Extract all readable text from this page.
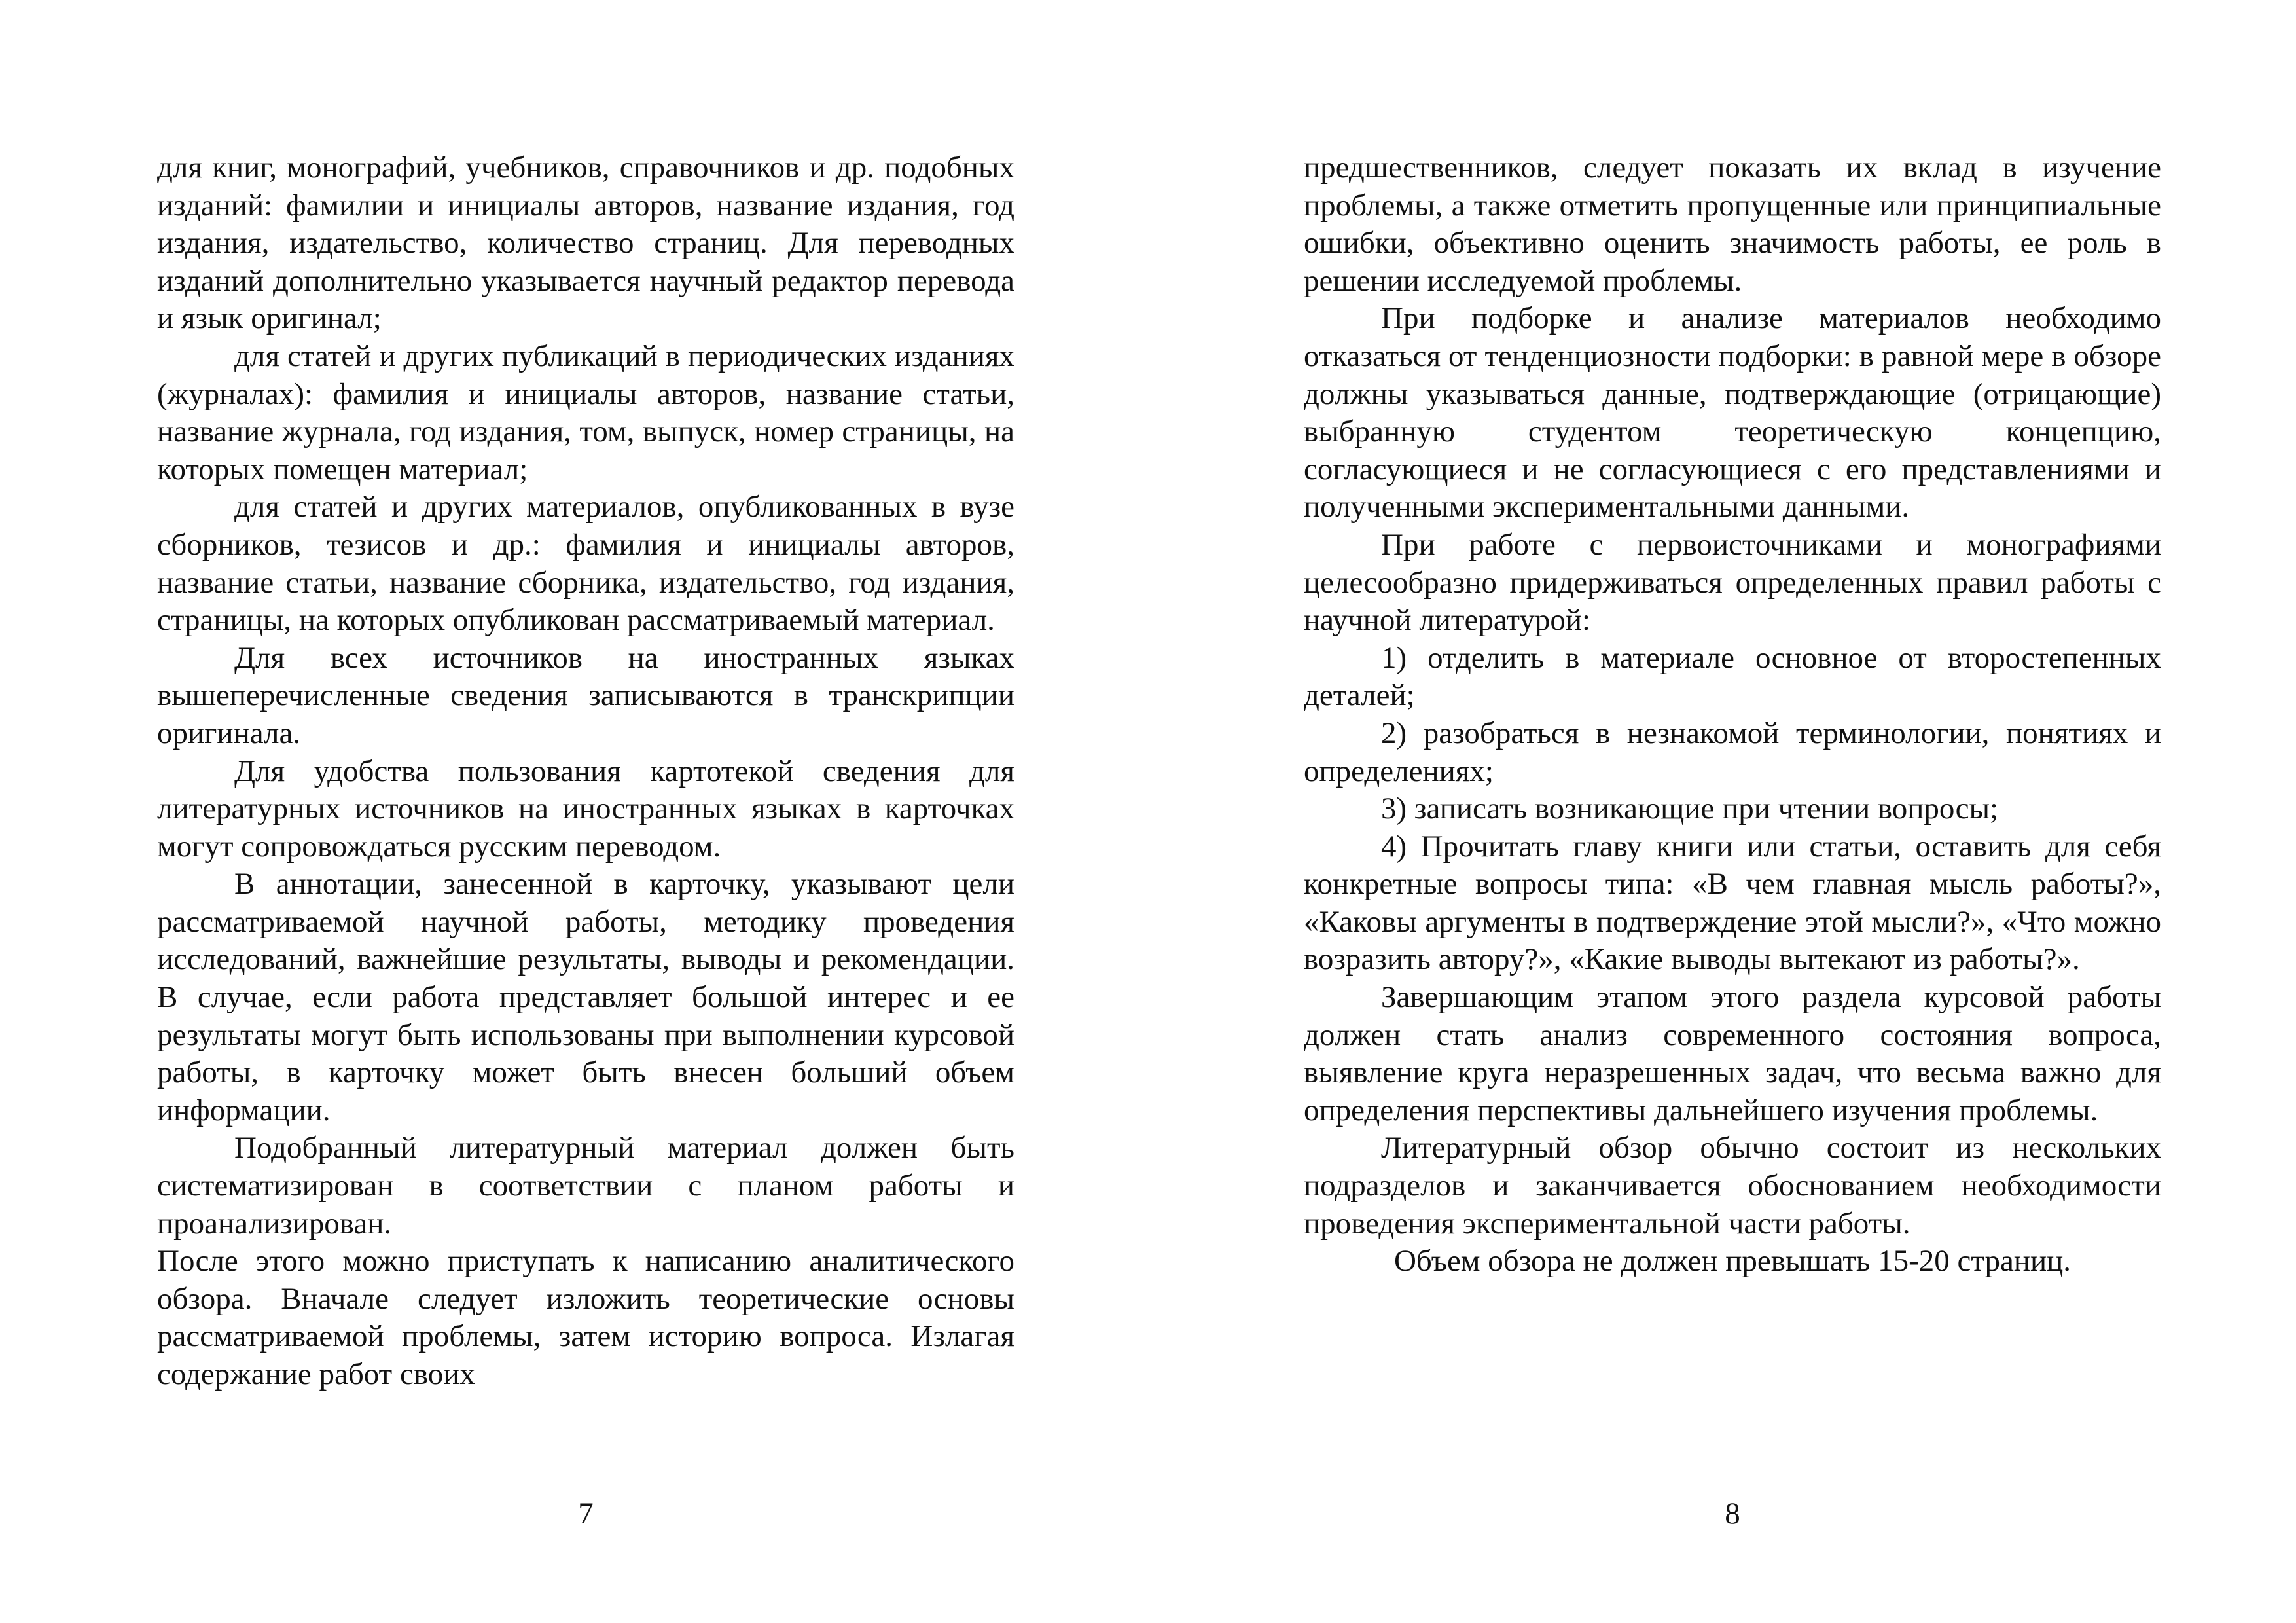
для книг, монографий, учебников, справочников и др. подобных изданий: фамилии и инициалы авторов, название издания, год издания, издательство, количество страниц. Для переводных изданий дополнительно указывается научный редактор перевода и язык оригинал;

для статей и других публикаций в периодических изданиях (журналах): фамилия и инициалы авторов, название статьи, название журнала, год издания, том, выпуск, номер страницы, на которых помещен материал;

для статей и других материалов, опубликованных в вузе сборников, тезисов и др.: фамилия и инициалы авторов, название статьи, название сборника, издательство, год издания, страницы, на которых опубликован рассматриваемый материал.

Для всех источников на иностранных языках вышеперечисленные сведения записываются в транскрипции оригинала.

Для удобства пользования картотекой сведения для литературных источников на иностранных языках в карточках могут сопровождаться русским переводом.

В аннотации, занесенной в карточку, указывают цели рассматриваемой научной работы, методику проведения исследований, важнейшие результаты, выводы и рекомендации. В случае, если работа представляет большой интерес и ее результаты могут быть использованы при выполнении курсовой работы, в карточку может быть внесен больший объем информации.

Подобранный литературный материал должен быть систематизирован в соответствии с планом работы и проанализирован.

После этого можно приступать к написанию аналитического обзора. Вначале следует изложить теоретические основы рассматриваемой проблемы, затем историю вопроса. Излагая содержание работ своих

7

предшественников, следует показать их вклад в изучение проблемы, а также отметить пропущенные или принципиальные ошибки, объективно оценить значимость работы, ее роль в решении исследуемой проблемы.

При подборке и анализе материалов необходимо отказаться от тенденциозности подборки: в равной мере в обзоре должны указываться данные, подтверждающие (отрицающие) выбранную студентом теоретическую концепцию, согласующиеся и не согласующиеся с его представлениями и полученными экспериментальными данными.

При работе с первоисточниками и монографиями целесообразно придерживаться определенных правил работы с научной литературой:

1) отделить в материале основное от второстепенных деталей;

2) разобраться в незнакомой терминологии, понятиях и определениях;

3) записать возникающие при чтении вопросы;

4) Прочитать главу книги или статьи, оставить для себя конкретные вопросы типа: «В чем главная мысль работы?», «Каковы аргументы в подтверждение этой мысли?», «Что можно возразить автору?», «Какие выводы вытекают из работы?».

Завершающим этапом этого раздела курсовой работы должен стать анализ современного состояния вопроса, выявление круга неразрешенных задач, что весьма важно для определения перспективы дальнейшего изучения проблемы.

Литературный обзор обычно состоит из нескольких подразделов и заканчивается обоснованием необходимости проведения экспериментальной части работы.

Объем обзора не должен превышать 15-20 страниц.

8
